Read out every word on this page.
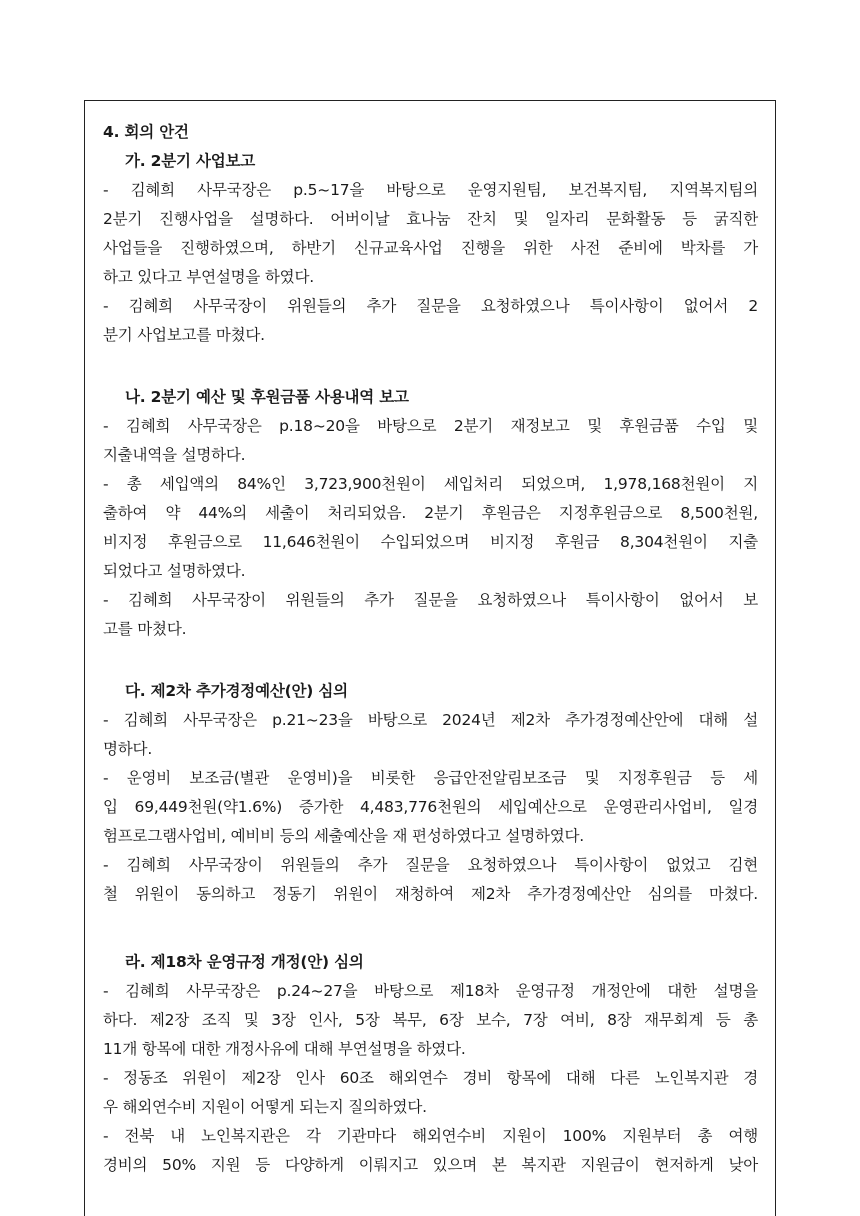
4. 회의 안건
가. 2분기 사업보고
- 김혜희 사무국장은 p.5~17을 바탕으로 운영지원팀, 보건복지팀, 지역복지팀의
2분기 진행사업을 설명하다. 어버이날 효나눔 잔치 및 일자리 문화활동 등 굵직한
사업들을 진행하였으며, 하반기 신규교육사업 진행을 위한 사전 준비에 박차를 가
하고 있다고 부연설명을 하였다.
- 김혜희 사무국장이 위원들의 추가 질문을 요청하였으나 특이사항이 없어서 2
분기 사업보고를 마쳤다.
나. 2분기 예산 및 후원금품 사용내역 보고
- 김혜희 사무국장은 p.18~20을 바탕으로 2분기 재정보고 및 후원금품 수입 및
지출내역을 설명하다.
- 총 세입액의 84%인 3,723,900천원이 세입처리 되었으며, 1,978,168천원이 지
출하여 약 44%의 세출이 처리되었음. 2분기 후원금은 지정후원금으로 8,500천원,
비지정 후원금으로 11,646천원이 수입되었으며 비지정 후원금 8,304천원이 지출
되었다고 설명하였다.
- 김혜희 사무국장이 위원들의 추가 질문을 요청하였으나 특이사항이 없어서 보
고를 마쳤다.
다. 제2차 추가경정예산(안) 심의
- 김혜희 사무국장은 p.21~23을 바탕으로 2024년 제2차 추가경정예산안에 대해 설
명하다.
- 운영비 보조금(별관 운영비)을 비롯한 응급안전알림보조금 및 지정후원금 등 세
입 69,449천원(약1.6%) 증가한 4,483,776천원의 세입예산으로 운영관리사업비, 일경
험프로그램사업비, 예비비 등의 세출예산을 재 편성하였다고 설명하였다.
- 김혜희 사무국장이 위원들의 추가 질문을 요청하였으나 특이사항이 없었고 김현
철 위원이 동의하고 정동기 위원이 재청하여 제2차 추가경정예산안 심의를 마쳤다.
라. 제18차 운영규정 개정(안) 심의
- 김혜희 사무국장은 p.24~27을 바탕으로 제18차 운영규정 개정안에 대한 설명을
하다. 제2장 조직 및 3장 인사, 5장 복무, 6장 보수, 7장 여비, 8장 재무회계 등 총
11개 항목에 대한 개정사유에 대해 부연설명을 하였다.
- 정동조 위원이 제2장 인사 60조 해외연수 경비 항목에 대해 다른 노인복지관 경
우 해외연수비 지원이 어떻게 되는지 질의하였다.
- 전북 내 노인복지관은 각 기관마다 해외연수비 지원이 100% 지원부터 총 여행
경비의 50% 지원 등 다양하게 이뤄지고 있으며 본 복지관 지원금이 현저하게 낮아
